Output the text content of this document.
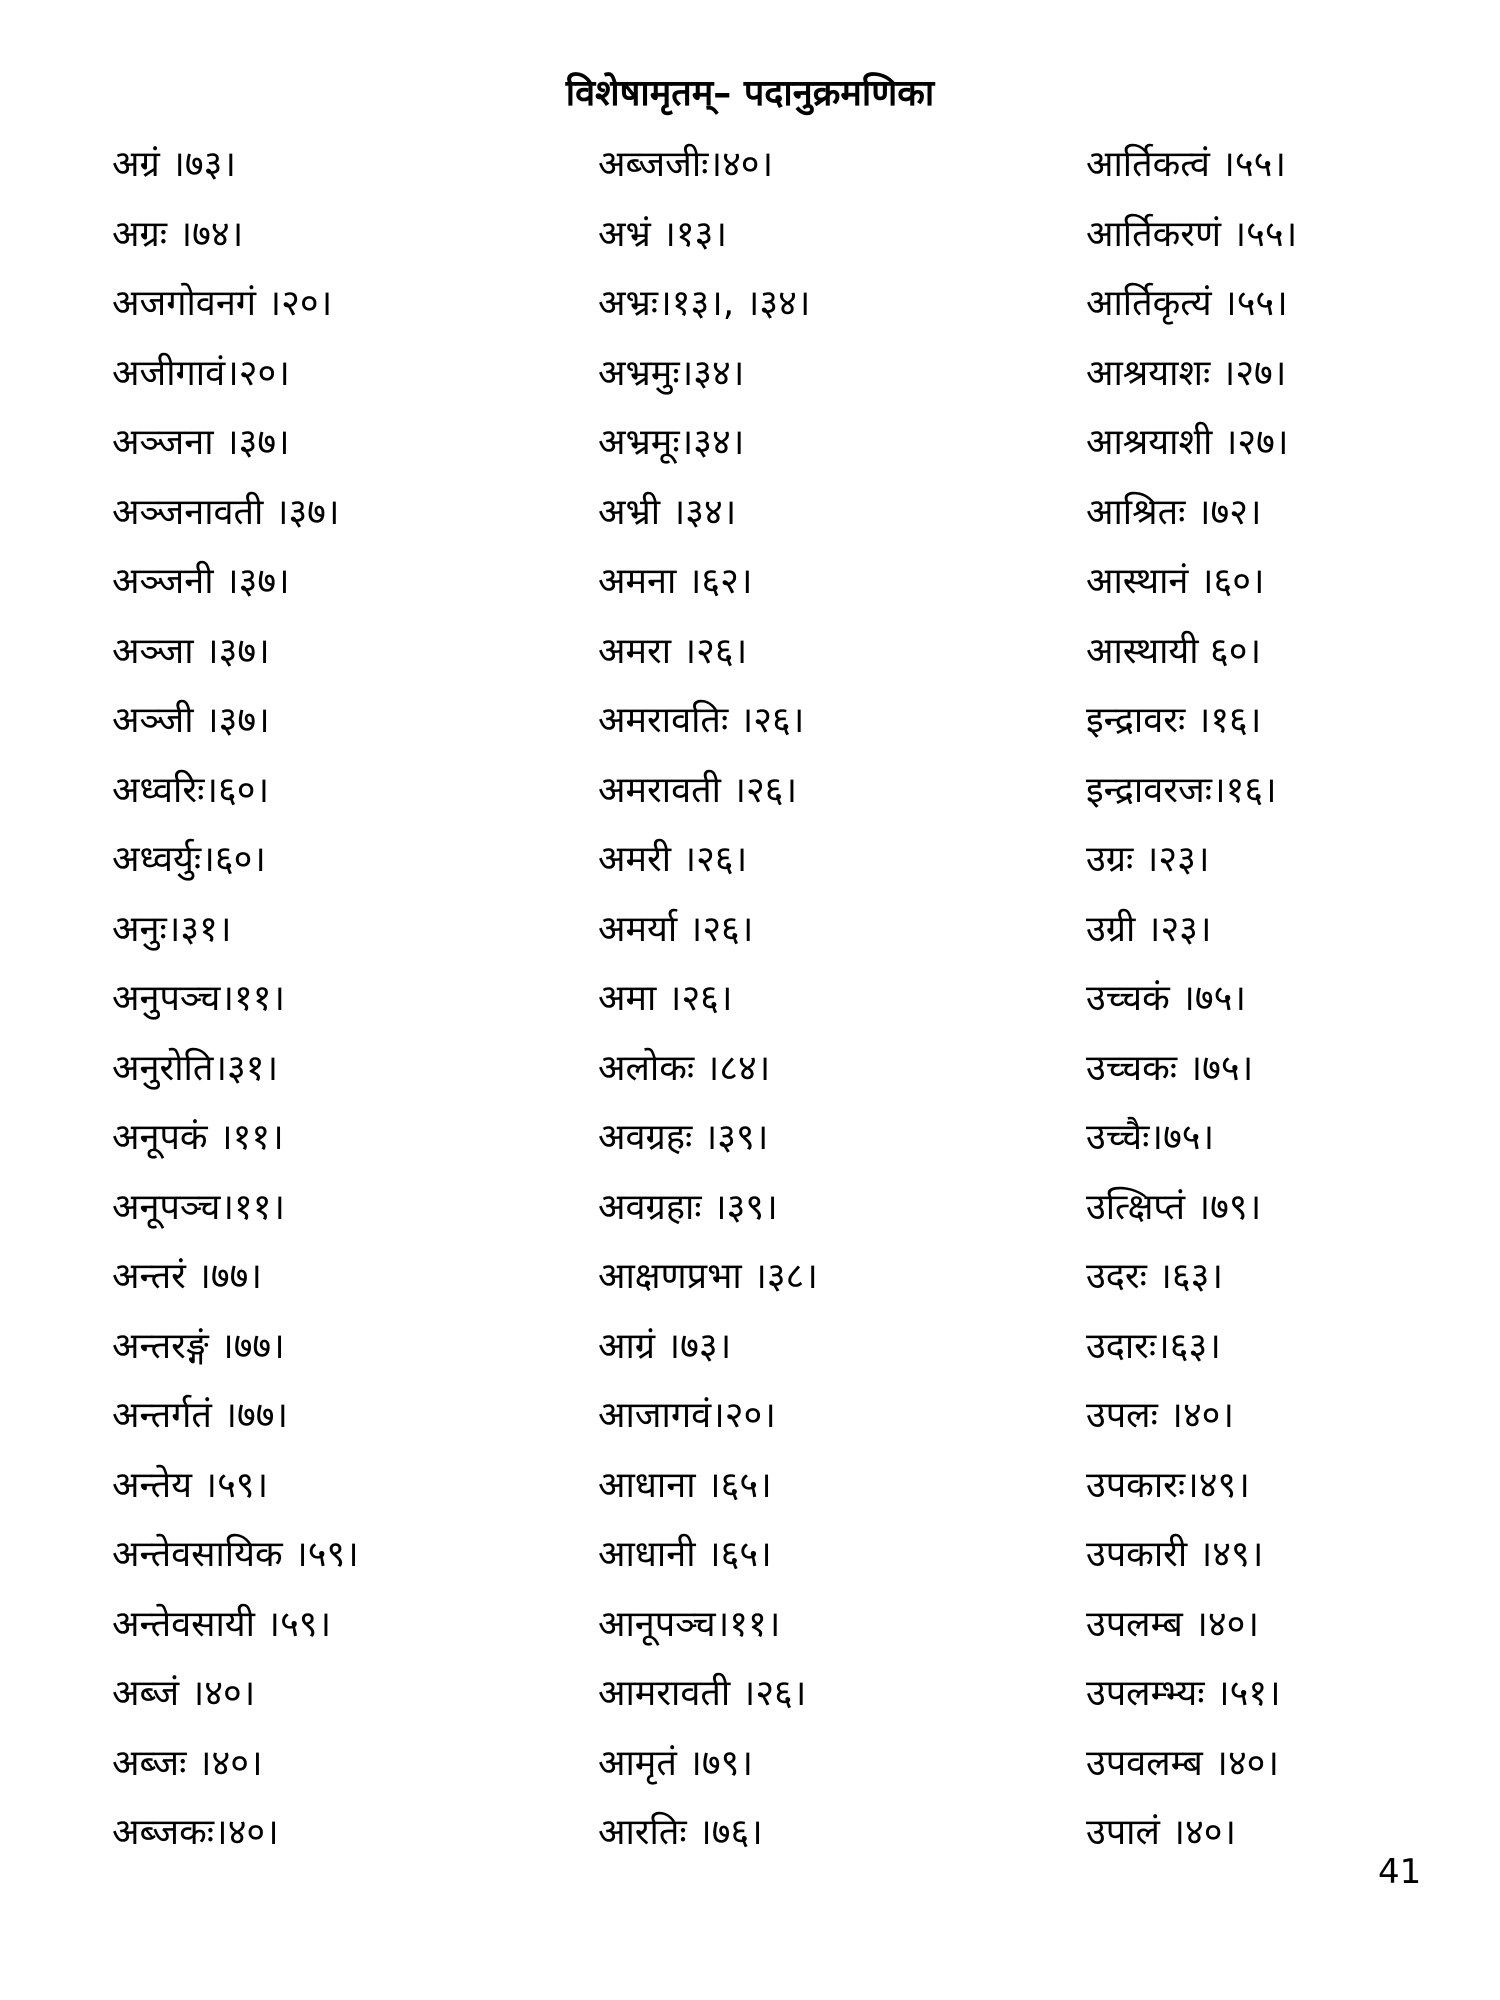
विशेषामृतम्– पदानुक्रमणिका
अग्रं ।७३।
अग्रः ।७४।
अजगोवनगं ।२०।
अजीगावं।२०।
अञ्जना ।३७।
अञ्जनावती ।३७।
अञ्जनी ।३७।
अञ्जा ।३७।
अञ्जी ।३७।
अध्वरिः।६०।
अध्वर्युः।६०।
अनुः।३१।
अनुपञ्च।११।
अनुरोति।३१।
अनूपकं ।११।
अनूपञ्च।११।
अन्तरं ।७७।
अन्तरङ्गं ।७७।
अन्तर्गतं ।७७।
अन्तेय ।५९।
अन्तेवसायिक ।५९।
अन्तेवसायी ।५९।
अब्जं ।४०।
अब्जः ।४०।
अब्जकः।४०।
अब्जजीः।४०।
अभ्रं ।१३।
अभ्रः।१३।, ।३४।
अभ्रमुः।३४।
अभ्रमूः।३४।
अभ्री ।३४।
अमना ।६२।
अमरा ।२६।
अमरावतिः ।२६।
अमरावती ।२६।
अमरी ।२६।
अमर्या ।२६।
अमा ।२६।
अलोकः ।८४।
अवग्रहः ।३९।
अवग्रहाः ।३९।
आक्षणप्रभा ।३८।
आग्रं ।७३।
आजागवं।२०।
आधाना ।६५।
आधानी ।६५।
आनूपञ्च।११।
आमरावती ।२६।
आमृतं ।७९।
आरतिः ।७६।
आर्तिकत्वं ।५५।
आर्तिकरणं ।५५।
आर्तिकृत्यं ।५५।
आश्रयाशः ।२७।
आश्रयाशी ।२७।
आश्रितः ।७२।
आस्थानं ।६०।
आस्थायी ६०।
इन्द्रावरः ।१६।
इन्द्रावरजः।१६।
उग्रः ।२३।
उग्री ।२३।
उच्चकं ।७५।
उच्चकः ।७५।
उच्चैः।७५।
उत्क्षिप्तं ।७९।
उदरः ।६३।
उदारः।६३।
उपलः ।४०।
उपकारः।४९।
उपकारी ।४९।
उपलम्ब ।४०।
उपलम्भ्यः ।५१।
उपवलम्ब ।४०।
उपालं ।४०।
41
